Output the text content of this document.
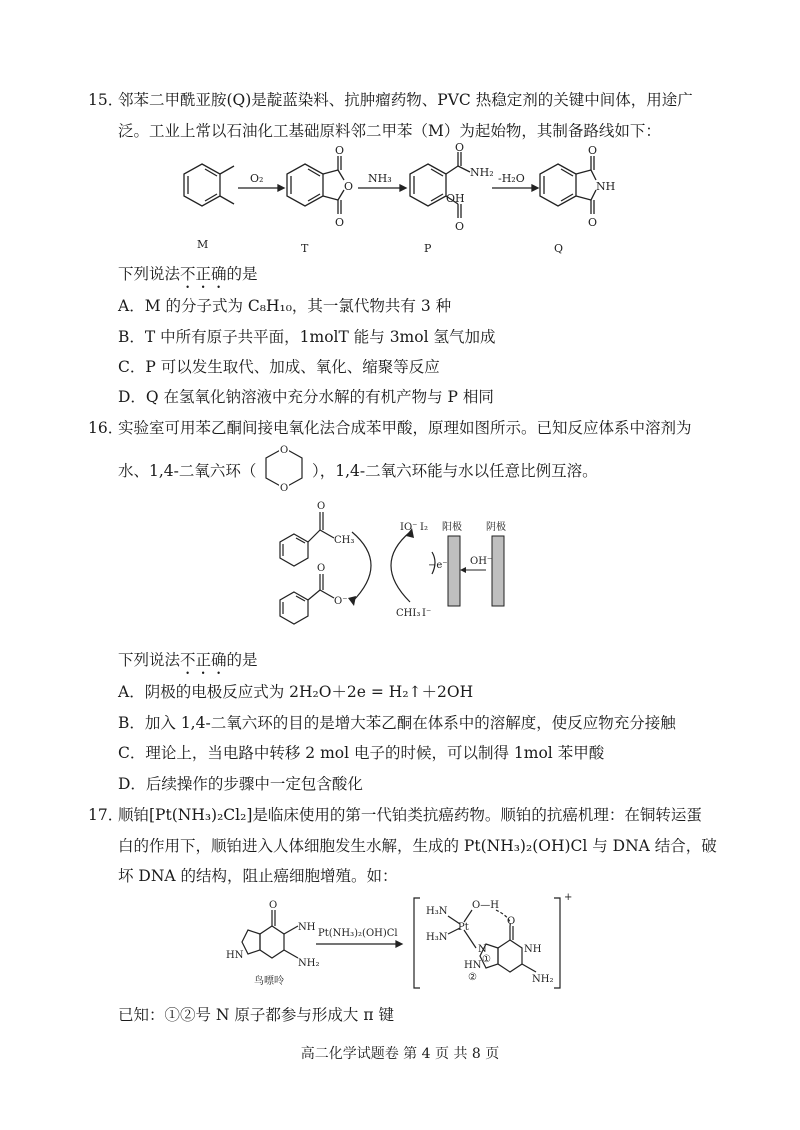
15．
邻苯二甲酰亚胺(Q)是靛蓝染料、抗肿瘤药物、PVC 热稳定剂的关键中间体，用途广
泛。工业上常以石油化工基础原料邻二甲苯（M）为起始物，其制备路线如下：
O₂	NH₃	-H₂O
O
O
O
O
NH₂
OH
O
O
NH
O
M	T	P	Q
下列说法不正确的是
A．M 的分子式为 C₈H₁₀，其一氯代物共有 3 种
B．T 中所有原子共平面，1molT 能与 3mol 氢气加成
C．P 可以发生取代、加成、氧化、缩聚等反应
D．Q 在氢氧化钠溶液中充分水解的有机产物与 P 相同
16．
实验室可用苯乙酮间接电氧化法合成苯甲酸，原理如图所示。已知反应体系中溶剂为
水、1,4-二氧六环（
O
O
），1,4-二氧六环能与水以任意比例互溶。
O
CH₃
O
O⁻
IO⁻ I₂
CHI₃ I⁻
−e⁻ OH⁻
阳极 阴极
下列说法不正确的是
A．阴极的电极反应式为 2H₂O＋2e = H₂↑＋2OH
B．加入 1,4-二氧六环的目的是增大苯乙酮在体系中的溶解度，使反应物充分接触
C．理论上，当电路中转移 2 mol 电子的时候，可以制得 1mol 苯甲酸
D．后续操作的步骤中一定包含酸化
17．
顺铂[Pt(NH₃)₂Cl₂]是临床使用的第一代铂类抗癌药物。顺铂的抗癌机理：在铜转运蛋
白的作用下，顺铂进入人体细胞发生水解，生成的 Pt(NH₃)₂(OH)Cl 与 DNA 结合，破
坏 DNA 的结构，阻止癌细胞增殖。如：
O
NH
NH₂
HN
Pt(NH₃)₂(OH)Cl
鸟嘌呤
H₃N
H₃N
Pt
O—H
+
N
①
HN
②
O
NH
NH₂
已知：①②号 N 原子都参与形成大 π 键
高二化学试题卷 第 4 页 共 8 页
